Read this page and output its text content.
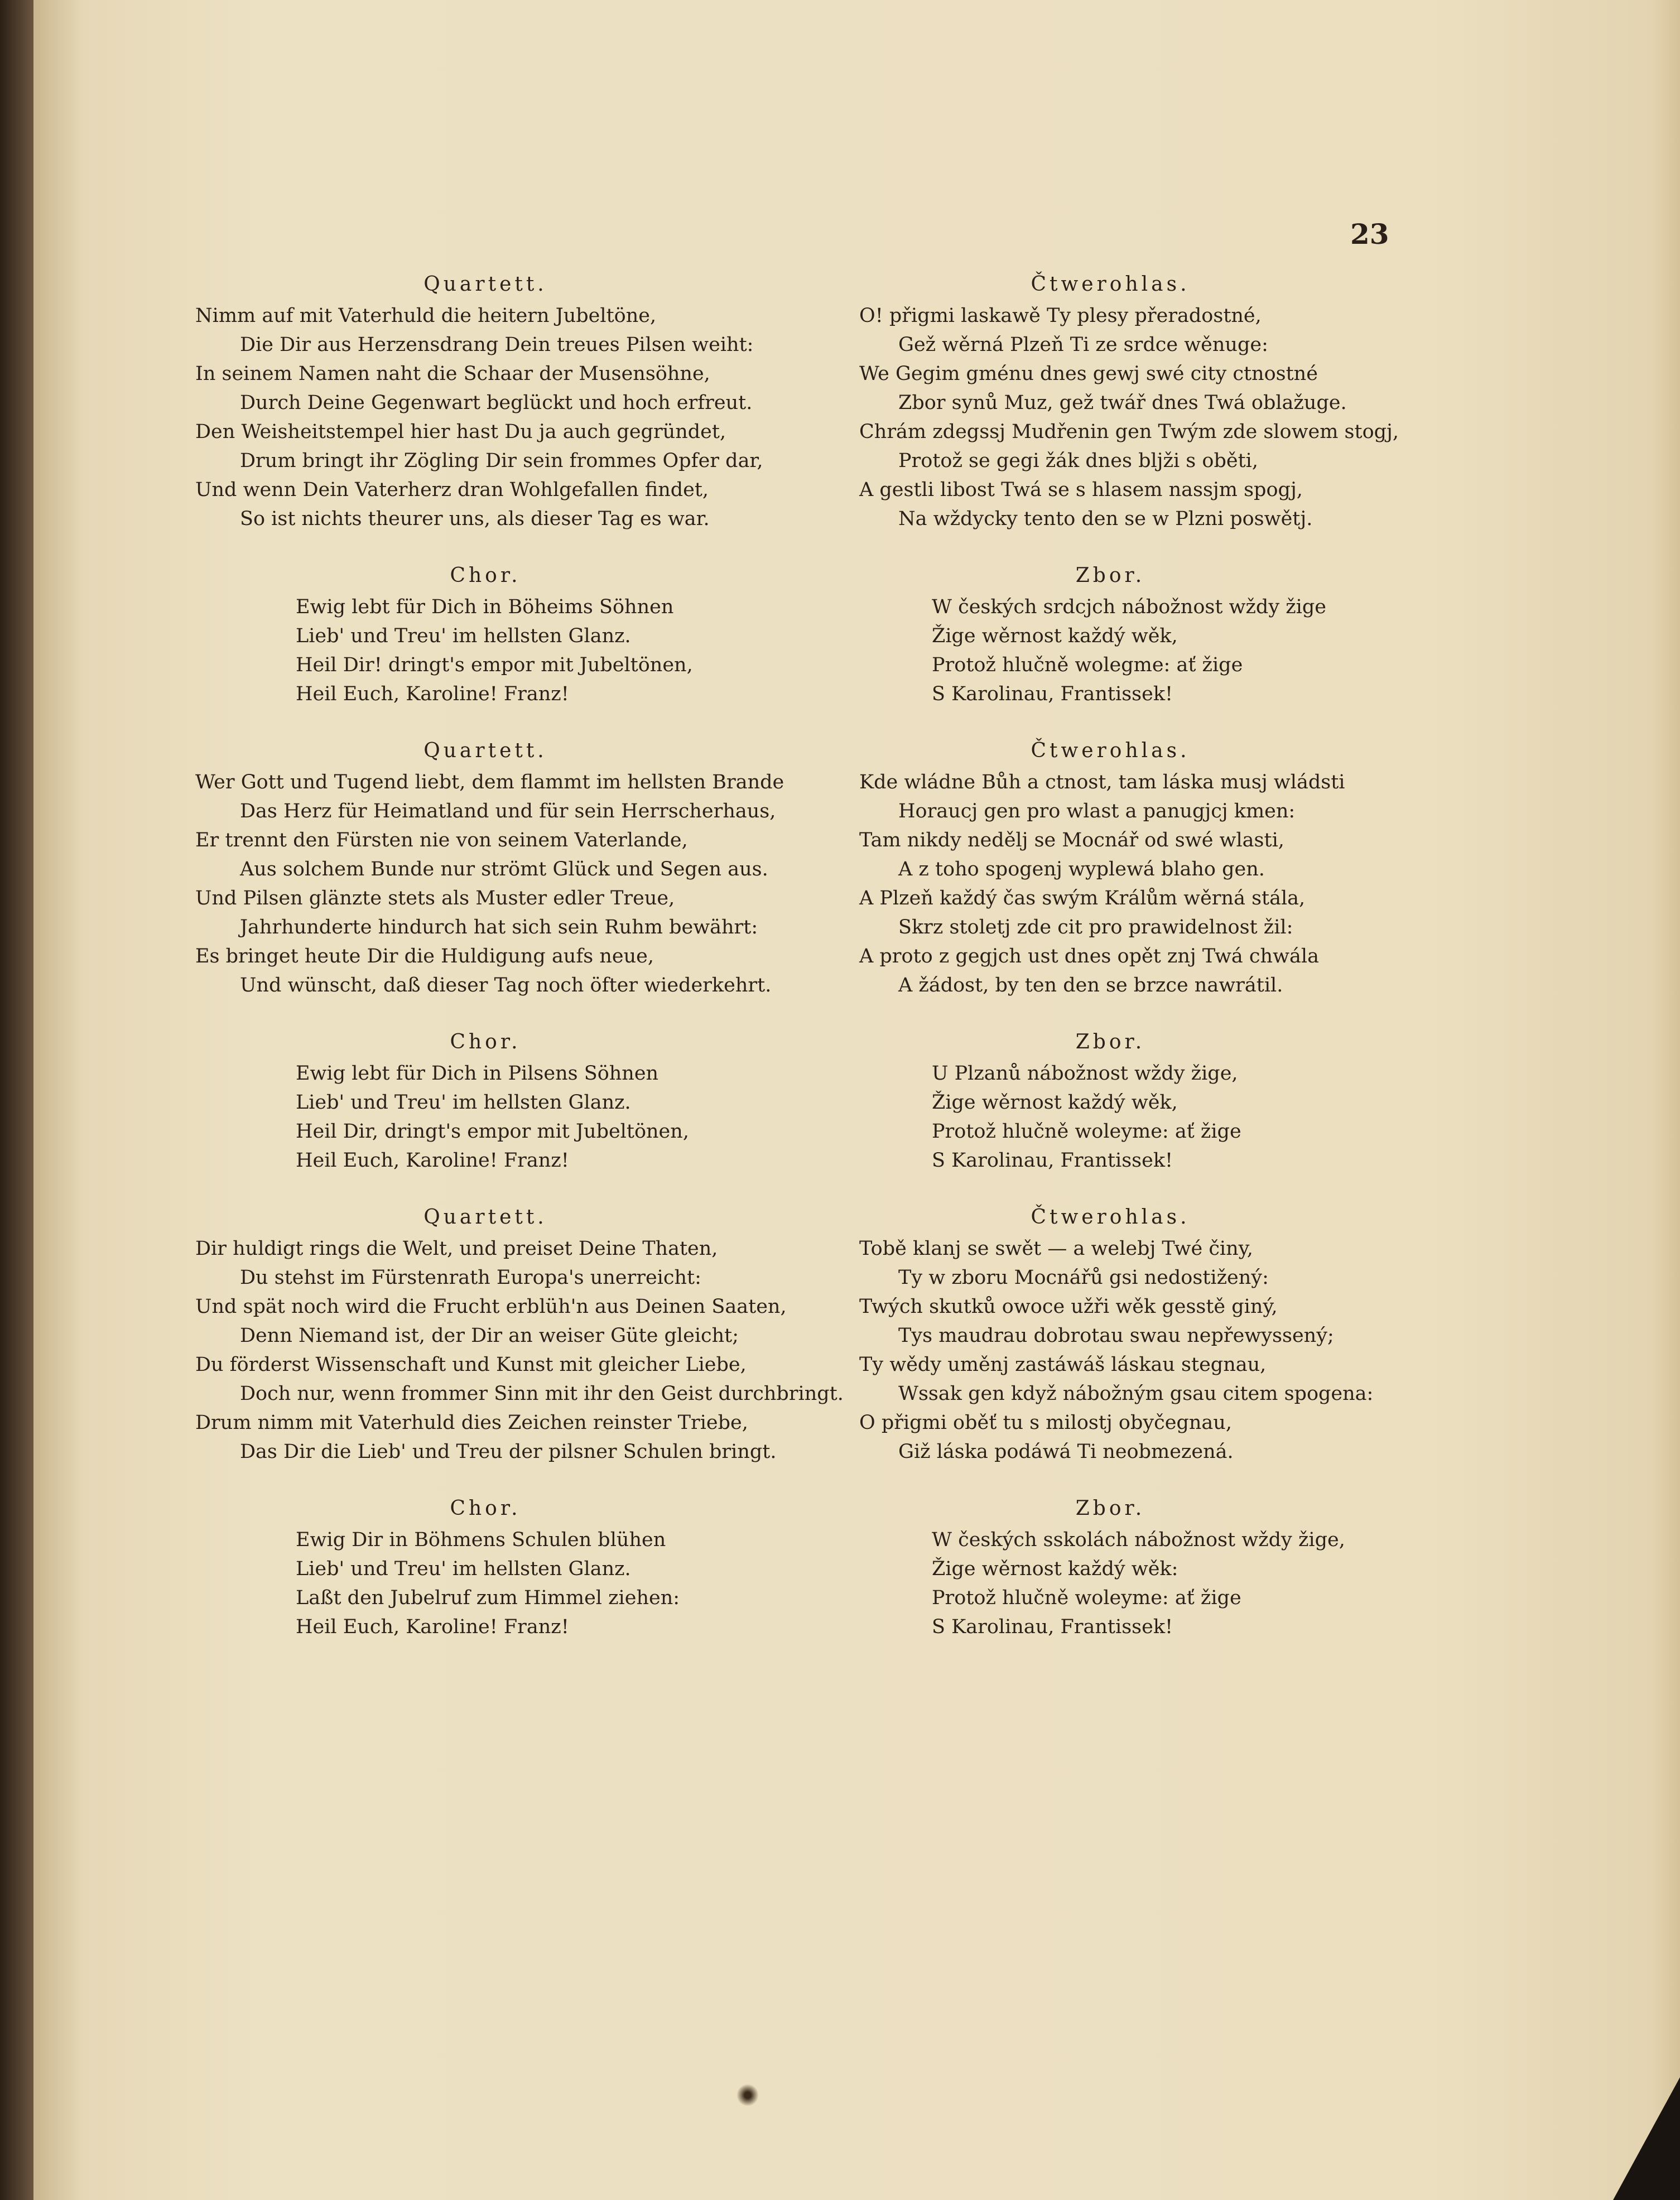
23
Quartett.
Nimm auf mit Vaterhuld die heitern Jubeltöne,
Die Dir aus Herzensdrang Dein treues Pilsen weiht:
In seinem Namen naht die Schaar der Musensöhne,
Durch Deine Gegenwart beglückt und hoch erfreut.
Den Weisheitstempel hier hast Du ja auch gegründet,
Drum bringt ihr Zögling Dir sein frommes Opfer dar,
Und wenn Dein Vaterherz dran Wohlgefallen findet,
So ist nichts theurer uns, als dieser Tag es war.
Chor.
Ewig lebt für Dich in Böheims Söhnen
Lieb' und Treu' im hellsten Glanz.
Heil Dir! dringt's empor mit Jubeltönen,
Heil Euch, Karoline! Franz!
Quartett.
Wer Gott und Tugend liebt, dem flammt im hellsten Brande
Das Herz für Heimatland und für sein Herrscherhaus,
Er trennt den Fürsten nie von seinem Vaterlande,
Aus solchem Bunde nur strömt Glück und Segen aus.
Und Pilsen glänzte stets als Muster edler Treue,
Jahrhunderte hindurch hat sich sein Ruhm bewährt:
Es bringet heute Dir die Huldigung aufs neue,
Und wünscht, daß dieser Tag noch öfter wiederkehrt.
Chor.
Ewig lebt für Dich in Pilsens Söhnen
Lieb' und Treu' im hellsten Glanz.
Heil Dir, dringt's empor mit Jubeltönen,
Heil Euch, Karoline! Franz!
Quartett.
Dir huldigt rings die Welt, und preiset Deine Thaten,
Du stehst im Fürstenrath Europa's unerreicht:
Und spät noch wird die Frucht erblüh'n aus Deinen Saaten,
Denn Niemand ist, der Dir an weiser Güte gleicht;
Du förderst Wissenschaft und Kunst mit gleicher Liebe,
Doch nur, wenn frommer Sinn mit ihr den Geist durchbringt.
Drum nimm mit Vaterhuld dies Zeichen reinster Triebe,
Das Dir die Lieb' und Treu der pilsner Schulen bringt.
Chor.
Ewig Dir in Böhmens Schulen blühen
Lieb' und Treu' im hellsten Glanz.
Laßt den Jubelruf zum Himmel ziehen:
Heil Euch, Karoline! Franz!
Čtwerohlas.
O! přigmi laskawě Ty plesy přeradostné,
Gež wěrná Plzeň Ti ze srdce wěnuge:
We Gegim gménu dnes gewj swé city ctnostné
Zbor synů Muz, gež twář dnes Twá oblažuge.
Chrám zdegssj Mudřenin gen Twým zde slowem stogj,
Protož se gegi žák dnes bljži s oběti,
A gestli libost Twá se s hlasem nassjm spogj,
Na wždycky tento den se w Plzni poswětj.
Zbor.
W českých srdcjch nábožnost wždy žige
Žige wěrnost každý wěk,
Protož hlučně wolegme: ať žige
S Karolinau, Frantissek!
Čtwerohlas.
Kde wládne Bůh a ctnost, tam láska musj wládsti
Horaucj gen pro wlast a panugjcj kmen:
Tam nikdy nedělj se Mocnář od swé wlasti,
A z toho spogenj wyplewá blaho gen.
A Plzeň každý čas swým Králům wěrná stála,
Skrz stoletj zde cit pro prawidelnost žil:
A proto z gegjch ust dnes opět znj Twá chwála
A žádost, by ten den se brzce nawrátil.
Zbor.
U Plzanů nábožnost wždy žige,
Žige wěrnost každý wěk,
Protož hlučně woleyme: ať žige
S Karolinau, Frantissek!
Čtwerohlas.
Tobě klanj se swět — a welebj Twé činy,
Ty w zboru Mocnářů gsi nedostižený:
Twých skutků owoce užři wěk gesstě giný,
Tys maudrau dobrotau swau nepřewyssený;
Ty wědy uměnj zastáwáš láskau stegnau,
Wssak gen když nábožným gsau citem spogena:
O přigmi oběť tu s milostj obyčegnau,
Giž láska podáwá Ti neobmezená.
Zbor.
W českých sskolách nábožnost wždy žige,
Žige wěrnost každý wěk:
Protož hlučně woleyme: ať žige
S Karolinau, Frantissek!
